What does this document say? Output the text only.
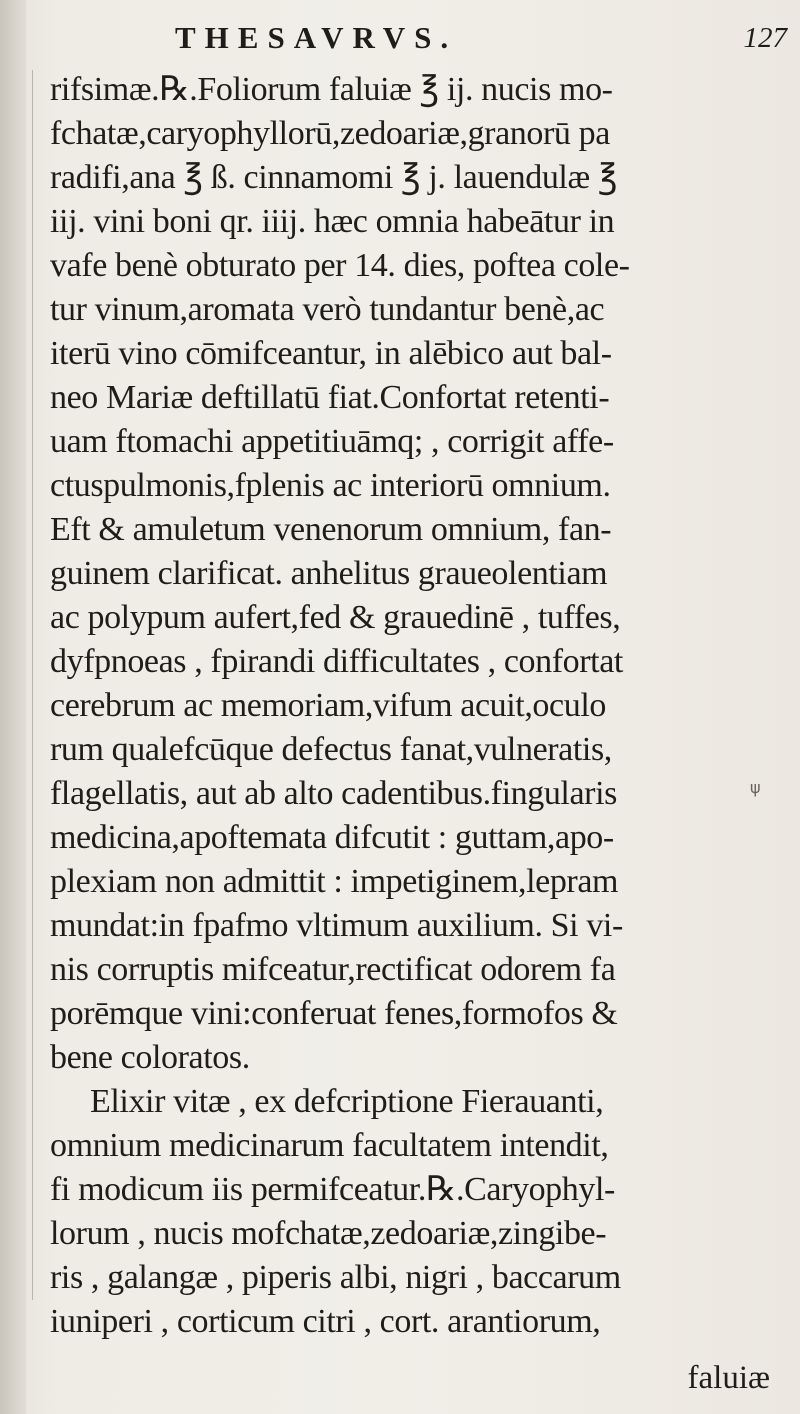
THESAVRVS.	127
rifsimæ.℞.Foliorum faluiæ ℥ ij. nucis mo-
fchatæ,caryophyllorū,zedoariæ,granorū pa
radifi,ana ℥ ß. cinnamomi ℥ j. lauendulæ ℥
iij. vini boni qr. iiij. hæc omnia habeātur in
vafe benè obturato per 14. dies, poftea cole-
tur vinum,aromata verò tundantur benè,ac
iterū vino cōmifceantur, in alēbico aut bal-
neo Mariæ deftillatū fiat.Confortat retenti-
uam ftomachi appetitiuāmq; , corrigit affe-
ctuspulmonis,fplenis ac interiorū omnium.
Eft & amuletum venenorum omnium, fan-
guinem clarificat. anhelitus graueolentiam
ac polypum aufert,fed & grauedinē , tuffes,
dyfpnoeas , fpirandi difficultates , confortat
cerebrum ac memoriam,vifum acuit,oculo
rum qualefcūque defectus fanat,vulneratis,
flagellatis, aut ab alto cadentibus.fingularis
medicina,apoftemata difcutit : guttam,apo-
plexiam non admittit : impetiginem,lepram
mundat:in fpafmo vltimum auxilium. Si vi-
nis corruptis mifceatur,rectificat odorem fa
porēmque vini:conferuat fenes,formofos &
bene coloratos.
Elixir vitæ , ex defcriptione Fierauanti,
omnium medicinarum facultatem intendit,
fi modicum iis permifceatur.℞.Caryophyl-
lorum , nucis mofchatæ,zedoariæ,zingibe-
ris , galangæ , piperis albi, nigri , baccarum
iuniperi , corticum citri , cort. arantiorum,
ψ
faluiæ
